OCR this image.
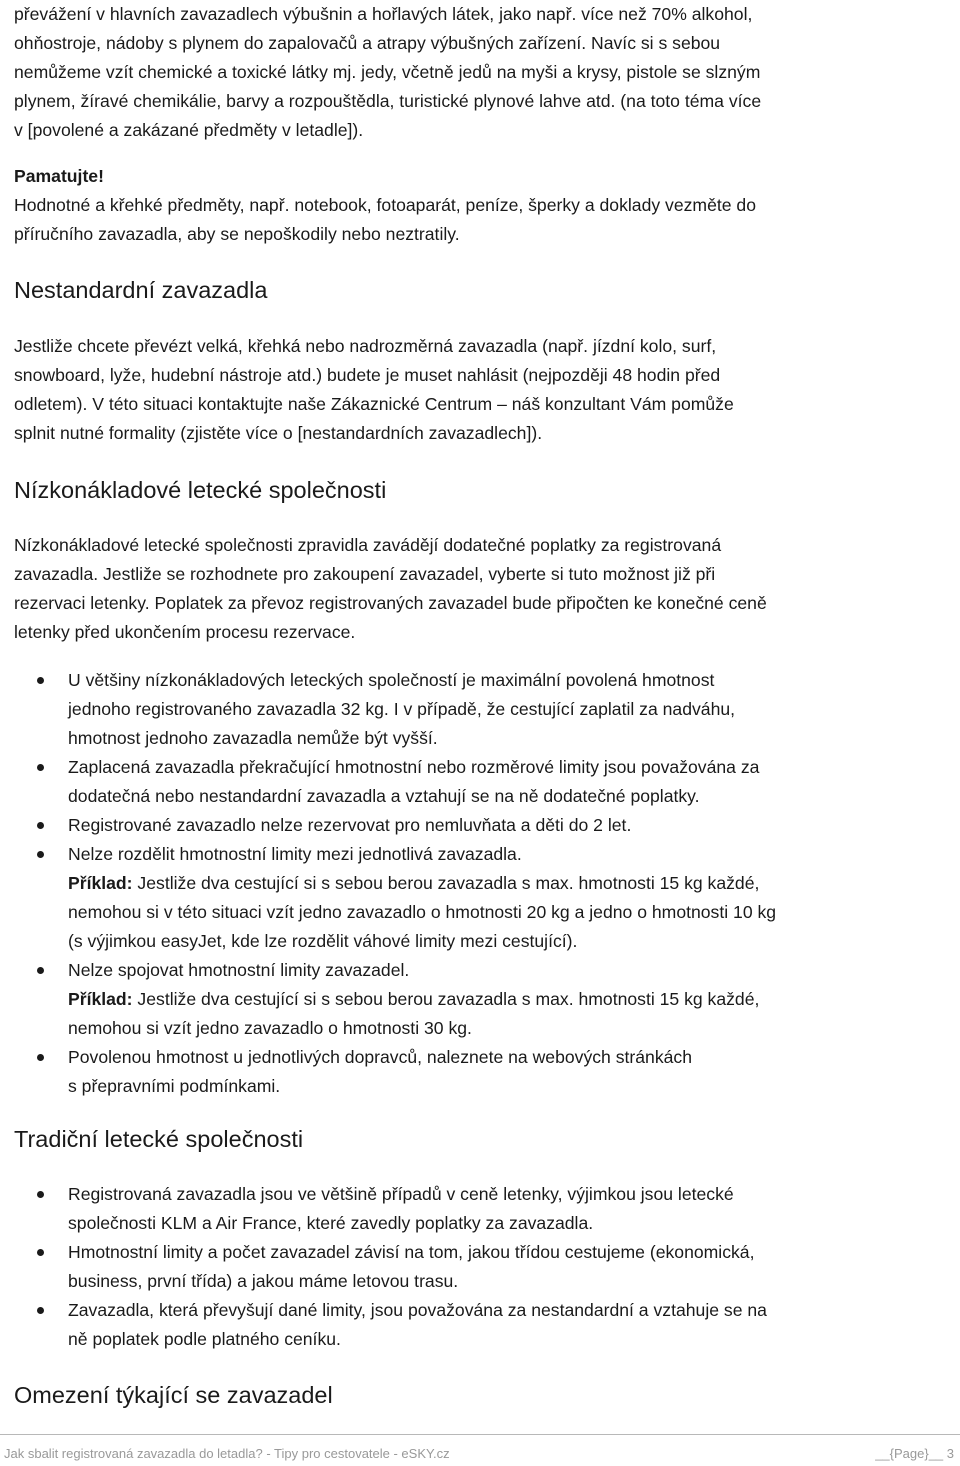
převážení v hlavních zavazadlech výbušnin a hořlavých látek, jako např. více než 70% alkohol,

ohňostroje, nádoby s plynem do zapalovačů a atrapy výbušných zařízení. Navíc si s sebou

nemůžeme vzít chemické a toxické látky mj. jedy, včetně jedů na myši a krysy, pistole se slzným

plynem, žíravé chemikálie, barvy a rozpouštědla, turistické plynové lahve atd. (na toto téma více

v [povolené a zakázané předměty v letadle]).

Pamatujte!

Hodnotné a křehké předměty, např. notebook, fotoaparát, peníze, šperky a doklady vezměte do

příručního zavazadla, aby se nepoškodily nebo neztratily.

Nestandardní zavazadla

Jestliže chcete převézt velká, křehká nebo nadrozměrná zavazadla (např. jízdní kolo, surf,

snowboard, lyže, hudební nástroje atd.) budete je muset nahlásit (nejpozději 48 hodin před

odletem). V této situaci kontaktujte naše Zákaznické Centrum – náš konzultant Vám pomůže

splnit nutné formality (zjistěte více o [nestandardních zavazadlech]).

Nízkonákladové letecké společnosti

Nízkonákladové letecké společnosti zpravidla zavádějí dodatečné poplatky za registrovaná

zavazadla. Jestliže se rozhodnete pro zakoupení zavazadel, vyberte si tuto možnost již při

rezervaci letenky. Poplatek za převoz registrovaných zavazadel bude připočten ke konečné ceně

letenky před ukončením procesu rezervace.

U většiny nízkonákladových leteckých společností je maximální povolená hmotnost
jednoho registrovaného zavazadla 32 kg. I v případě, že cestující zaplatil za nadváhu,
hmotnost jednoho zavazadla nemůže být vyšší.
Zaplacená zavazadla překračující hmotnostní nebo rozměrové limity jsou považována za
dodatečná nebo nestandardní zavazadla a vztahují se na ně dodatečné poplatky.
Registrované zavazadlo nelze rezervovat pro nemluvňata a děti do 2 let.
Nelze rozdělit hmotnostní limity mezi jednotlivá zavazadla.
Příklad: Jestliže dva cestující si s sebou berou zavazadla s max. hmotnosti 15 kg každé,
nemohou si v této situaci vzít jedno zavazadlo o hmotnosti 20 kg a jedno o hmotnosti 10 kg
(s výjimkou easyJet, kde lze rozdělit váhové limity mezi cestující).
Nelze spojovat hmotnostní limity zavazadel.
Příklad: Jestliže dva cestující si s sebou berou zavazadla s max. hmotnosti 15 kg každé,
nemohou si vzít jedno zavazadlo o hmotnosti 30 kg.
Povolenou hmotnost u jednotlivých dopravců, naleznete na webových stránkách
s přepravními podmínkami.
Tradiční letecké společnosti
Registrovaná zavazadla jsou ve většině případů v ceně letenky, výjimkou jsou letecké
společnosti KLM a Air France, které zavedly poplatky za zavazadla.
Hmotnostní limity a počet zavazadel závisí na tom, jakou třídou cestujeme (ekonomická,
business, první třída) a jakou máme letovou trasu.
Zavazadla, která převyšují dané limity, jsou považována za nestandardní a vztahuje se na
ně poplatek podle platného ceníku.
Omezení týkající se zavazadel
Jak sbalit registrovaná zavazadla do letadla? - Tipy pro cestovatele - eSKY.cz	__{Page}__ 3
